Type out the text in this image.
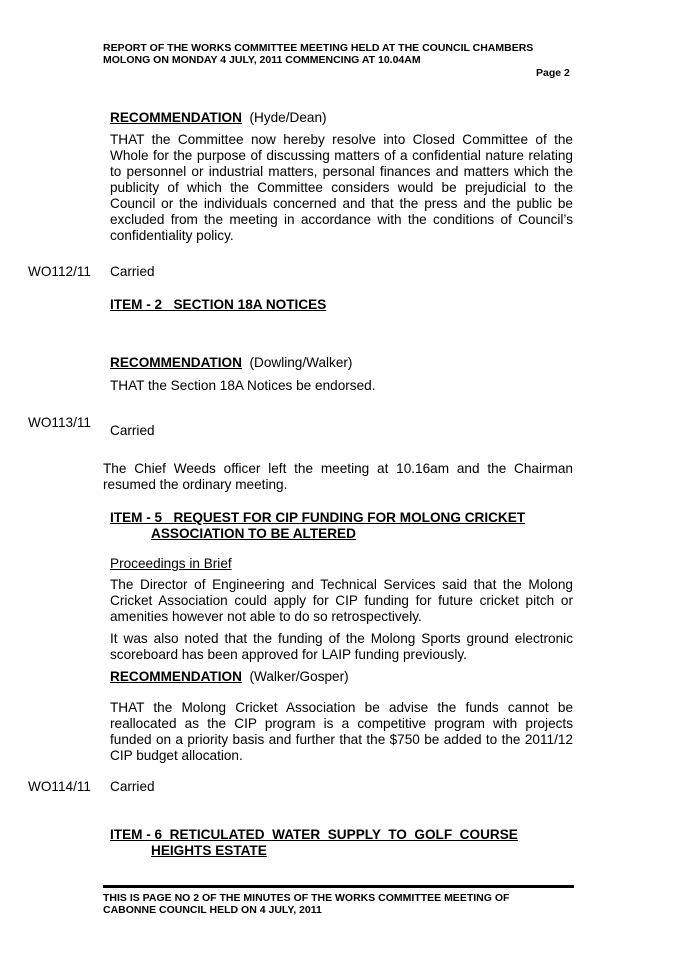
REPORT OF THE WORKS COMMITTEE MEETING HELD AT THE COUNCIL CHAMBERS
MOLONG ON MONDAY 4 JULY, 2011 COMMENCING AT 10.04AM
Page 2
RECOMMENDATION (Hyde/Dean)
THAT the Committee now hereby resolve into Closed Committee of the Whole for the purpose of discussing matters of a confidential nature relating to personnel or industrial matters, personal finances and matters which the publicity of which the Committee considers would be prejudicial to the Council or the individuals concerned and that the press and the public be excluded from the meeting in accordance with the conditions of Council’s confidentiality policy.
WO112/11 Carried
ITEM - 2   SECTION 18A NOTICES
RECOMMENDATION (Dowling/Walker)
THAT the Section 18A Notices be endorsed.
WO113/11
Carried
The Chief Weeds officer left the meeting at 10.16am and the Chairman resumed the ordinary meeting.
ITEM - 5   REQUEST FOR CIP FUNDING FOR MOLONG CRICKET
ASSOCIATION TO BE ALTERED
Proceedings in Brief
The Director of Engineering and Technical Services said that the Molong Cricket Association could apply for CIP funding for future cricket pitch or amenities however not able to do so retrospectively.
It was also noted that the funding of the Molong Sports ground electronic scoreboard has been approved for LAIP funding previously.
RECOMMENDATION (Walker/Gosper)
THAT the Molong Cricket Association be advise the funds cannot be reallocated as the CIP program is a competitive program with projects funded on a priority basis and further that the $750 be added to the 2011/12 CIP budget allocation.
WO114/11 Carried
ITEM - 6  RETICULATED  WATER  SUPPLY  TO  GOLF  COURSE
HEIGHTS ESTATE
THIS IS PAGE NO 2 OF THE MINUTES OF THE WORKS COMMITTEE MEETING OF
CABONNE COUNCIL HELD ON 4 JULY, 2011
